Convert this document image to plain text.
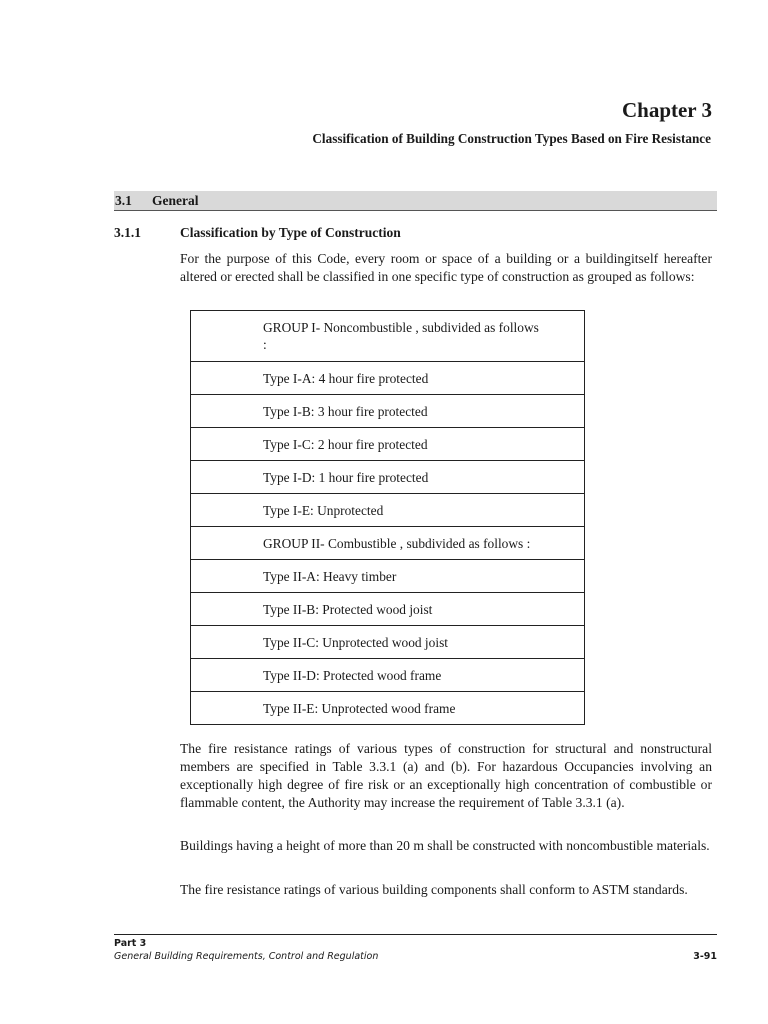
Chapter 3
Classification of Building Construction Types Based on Fire Resistance
3.1 General
3.1.1	Classification by Type of Construction

For the purpose of this Code, every room or space of a building or a buildingitself hereafter altered or erected shall be classified in one specific type of construction as grouped as follows:

GROUP I- Noncombustible , subdivided as follows :
Type I-A: 4 hour fire protected
Type I-B: 3 hour fire protected
Type I-C: 2 hour fire protected
Type I-D: 1 hour fire protected
Type I-E: Unprotected
GROUP II- Combustible , subdivided as follows :
Type II-A: Heavy timber
Type II-B: Protected wood joist
Type II-C: Unprotected wood joist
Type II-D: Protected wood frame
Type II-E: Unprotected wood frame

The fire resistance ratings of various types of construction for structural and nonstructural members are specified in Table 3.3.1 (a) and (b). For hazardous Occupancies involving an exceptionally high degree of fire risk or an exceptionally high concentration of combustible or flammable content, the Authority may increase the requirement of Table 3.3.1 (a).

Buildings having a height of more than 20 m shall be constructed with noncombustible materials.

The fire resistance ratings of various building components shall conform to ASTM standards.

Part 3
General Building Requirements, Control and Regulation	3-91
